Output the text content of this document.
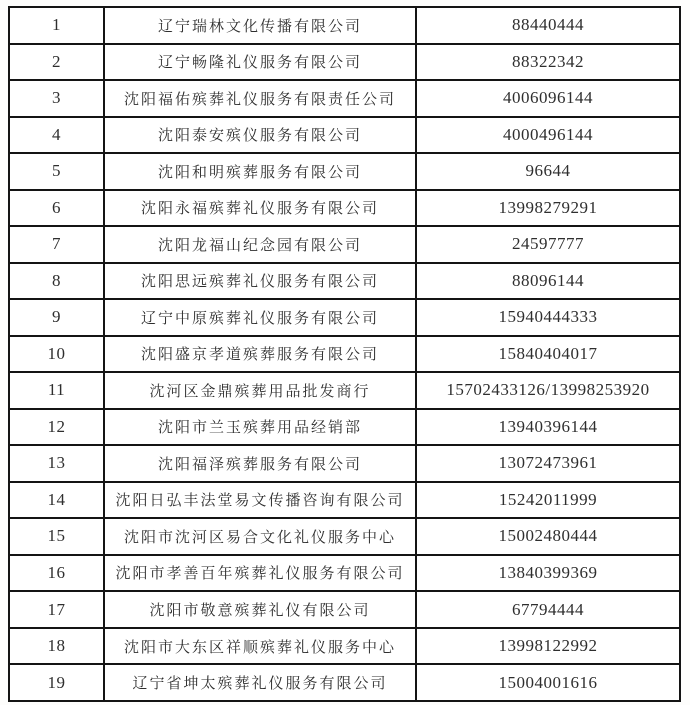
1	辽宁瑞林文化传播有限公司	88440444
2	辽宁畅隆礼仪服务有限公司	88322342
3	沈阳福佑殡葬礼仪服务有限责任公司	4006096144
4	沈阳泰安殡仪服务有限公司	4000496144
5	沈阳和明殡葬服务有限公司	96644
6	沈阳永福殡葬礼仪服务有限公司	13998279291
7	沈阳龙福山纪念园有限公司	24597777
8	沈阳思远殡葬礼仪服务有限公司	88096144
9	辽宁中原殡葬礼仪服务有限公司	15940444333
10	沈阳盛京孝道殡葬服务有限公司	15840404017
11	沈河区金鼎殡葬用品批发商行	15702433126/13998253920
12	沈阳市兰玉殡葬用品经销部	13940396144
13	沈阳福泽殡葬服务有限公司	13072473961
14	沈阳日弘丰法堂易文传播咨询有限公司	15242011999
15	沈阳市沈河区易合文化礼仪服务中心	15002480444
16	沈阳市孝善百年殡葬礼仪服务有限公司	13840399369
17	沈阳市敬意殡葬礼仪有限公司	67794444
18	沈阳市大东区祥顺殡葬礼仪服务中心	13998122992
19	辽宁省坤太殡葬礼仪服务有限公司	15004001616
